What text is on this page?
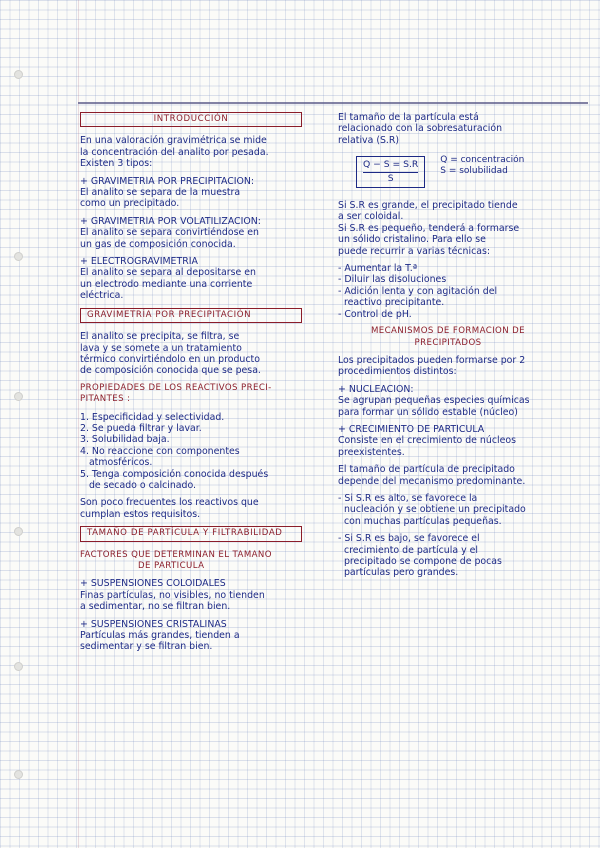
INTRODUCCIÓN
En una valoración gravimétrica se mide
la concentración del analito por pesada.
Existen 3 tipos:
+ GRAVIMETRÍA POR PRECIPITACIÓN:
El analito se separa de la muestra
como un precipitado.
+ GRAVIMETRÍA POR VOLATILIZACIÓN:
El analito se separa convirtiéndose en
un gas de composición conocida.
+ ELECTROGRAVIMETRÍA
El analito se separa al depositarse en
un electrodo mediante una corriente
eléctrica.
GRAVIMETRÍA POR PRECIPITACIÓN
El analito se precipita, se filtra, se
lava y se somete a un tratamiento
térmico convirtiéndolo en un producto
de composición conocida que se pesa.
PROPIEDADES DE LOS REACTIVOS PRECI-
PITANTES :
1. Especificidad y selectividad.
2. Se pueda filtrar y lavar.
3. Solubilidad baja.
4. No reaccione con componentes
atmosféricos.
5. Tenga composición conocida después
de secado o calcinado.
Son poco frecuentes los reactivos que
cumplan estos requisitos.
TAMAÑO DE PARTÍCULA Y FILTRABILIDAD
FACTORES QUE DETERMINAN EL TAMAÑO
DE PARTÍCULA
+ SUSPENSIONES COLOIDALES
Finas partículas, no visibles, no tienden
a sedimentar, no se filtran bien.
+ SUSPENSIONES CRISTALINAS
Partículas más grandes, tienden a
sedimentar y se filtran bien.
El tamaño de la partícula está
relacionado con la sobresaturación
relativa (S.R)
$\frac{Q - S = S.R}{S}$
Q = concentración
S = solubilidad
Si S.R es grande, el precipitado tiende
a ser coloidal.
Si S.R es pequeño, tenderá a formarse
un sólido cristalino. Para ello se
puede recurrir a varias técnicas:
- Aumentar la T.ª
- Diluir las disoluciones
- Adición lenta y con agitación del
reactivo precipitante.
- Control de pH.
MECANISMOS DE FORMACIÓN DE
PRECIPITADOS
Los precipitados pueden formarse por 2
procedimientos distintos:
+ NUCLEACIÓN:
Se agrupan pequeñas especies químicas
para formar un sólido estable (núcleo)
+ CRECIMIENTO DE PARTÍCULA
Consiste en el crecimiento de núcleos
preexistentes.
El tamaño de partícula de precipitado
depende del mecanismo predominante.
- Si S.R es alto, se favorece la
nucleación y se obtiene un precipitado
con muchas partículas pequeñas.
- Si S.R es bajo, se favorece el
crecimiento de partícula y el
precipitado se compone de pocas
partículas pero grandes.
